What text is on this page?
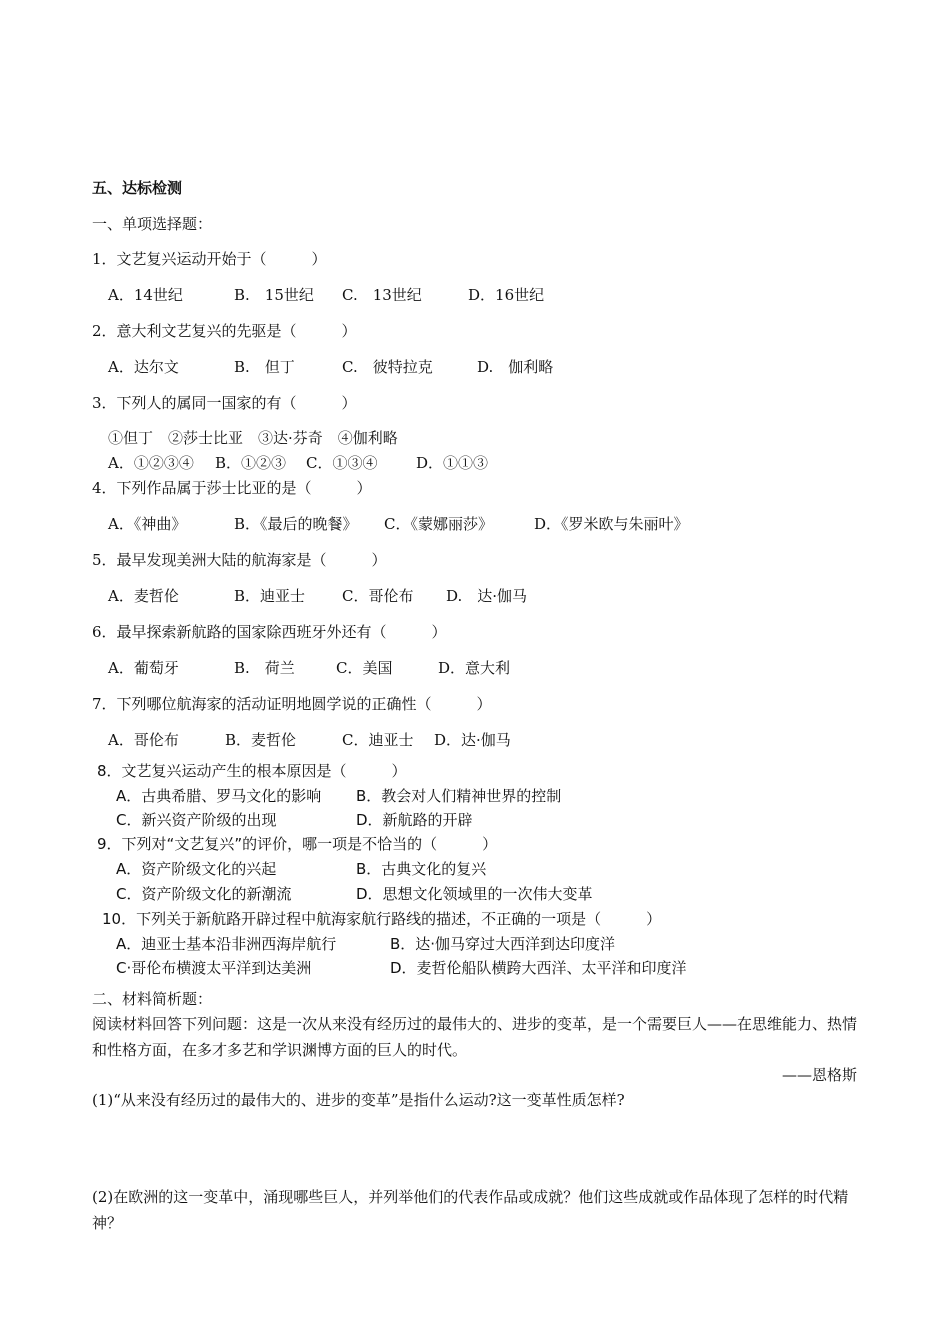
五、达标检测
一、单项选择题：
1．文艺复兴运动开始于（　　　）
A．14世纪	B.　15世纪 C.　13世纪	D．16世纪
2．意大利文艺复兴的先驱是（　　　）
A．达尔文	B.　但丁	C.　彼特拉克	D.　伽利略
3．下列人的属同一国家的有（　　　）
①但丁　②莎士比亚　③达·芬奇　④伽利略
A．①②③④ B．①②③ C．①③④	D．①①③
4．下列作品属于莎士比亚的是（　　　）
A．《神曲》	B．《最后的晚餐》 C．《蒙娜丽莎》	D．《罗米欧与朱丽叶》
5．最早发现美洲大陆的航海家是（　　　）
A．麦哲伦	B．迪亚士 C．哥伦布 D.　达·伽马
6．最早探索新航路的国家除西班牙外还有（　　　）
A．葡萄牙	B.　荷兰	C．美国	D．意大利
7．下列哪位航海家的活动证明地圆学说的正确性（　　　）
A．哥伦布	B．麦哲伦	C．迪亚士 D．达·伽马
8．文艺复兴运动产生的根本原因是（　　　）
A．古典希腊、罗马文化的影响 B．教会对人们精神世界的控制
C．新兴资产阶级的出现	D．新航路的开辟
9．下列对“文艺复兴”的评价，哪一项是不恰当的（　　　）
A．资产阶级文化的兴起	B．古典文化的复兴
C．资产阶级文化的新潮流	D．思想文化领域里的一次伟大变革
10．下列关于新航路开辟过程中航海家航行路线的描述，不正确的一项是（　　　）
A．迪亚士基本沿非洲西海岸航行	B．达·伽马穿过大西洋到达印度洋
C·哥伦布横渡太平洋到达美洲	D．麦哲伦船队横跨大西洋、太平洋和印度洋
二、材料简析题：
阅读材料回答下列问题：这是一次从来没有经历过的最伟大的、进步的变革，是一个需要巨人——在思维能力、热情和性格方面，在多才多艺和学识渊博方面的巨人的时代。
——恩格斯
(1)“从来没有经历过的最伟大的、进步的变革”是指什么运动?这一变革性质怎样?
(2)在欧洲的这一变革中，涌现哪些巨人，并列举他们的代表作品或成就？他们这些成就或作品体现了怎样的时代精神？
